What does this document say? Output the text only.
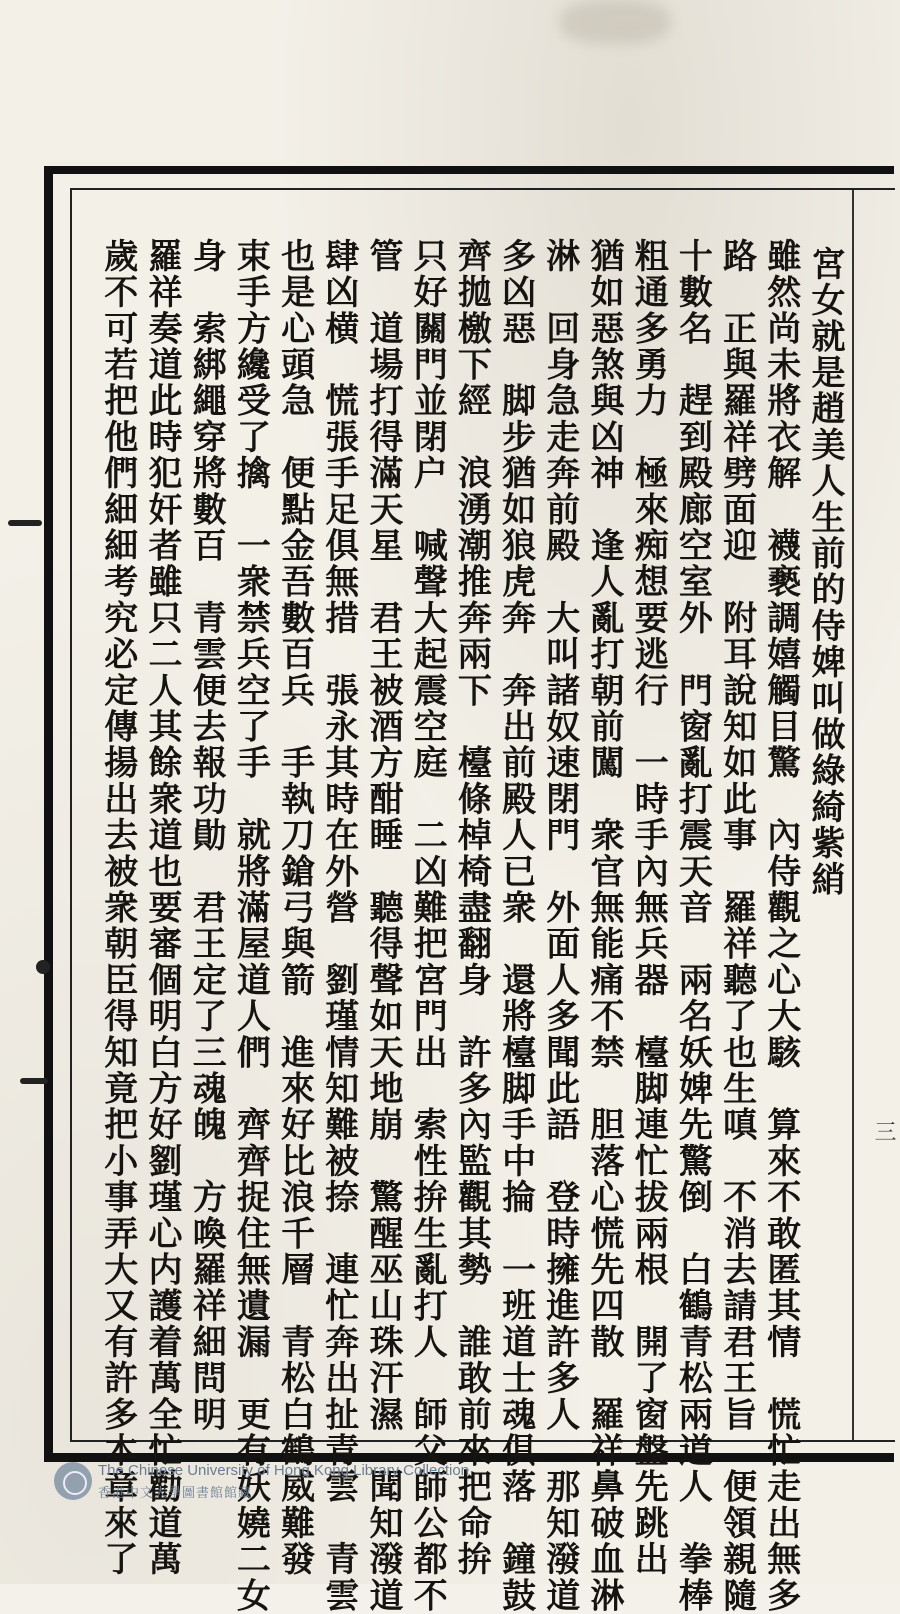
三
宮女就是趙美人生前的侍婢叫做綠綺紫綃
雖然尚未將衣解　襪褻調嬉觸目驚　內侍觀之心大駭　算來不敢匿其情　慌忙走出無多
路　正與羅祥劈面迎　附耳說知如此事　羅祥聽了也生嗔　不消去請君王旨　便領親隨
十數名　趕到殿廊空室外　門窗亂打震天音　兩名妖婢先驚倒　白鶴青松兩道人　拳棒
粗通多勇力　極來痴想要逃行　一時手內無兵器　檯脚連忙拔兩根　開了窗盤先跳出
猶如惡煞與凶神　逢人亂打朝前闖　衆官無能痛不禁　胆落心慌先四散　羅祥鼻破血淋
淋　回身急走奔前殿　大叫諸奴速閉門　外面人多聞此語　登時擁進許多人　那知潑道
多凶惡　脚步猶如狼虎奔　奔出前殿人已衆　還將檯脚手中掄　一班道士魂俱落　鐘鼓
齊拋檄下經　浪湧潮推奔兩下　檯條棹椅盡翻身　許多內監觀其勢　誰敢前來把命拚
只好關門並閉户　喊聲大起震空庭　二凶難把宮門出　索性拚生亂打人　師父師公都不
管　道場打得滿天星　君王被酒方酣睡　聽得聲如天地崩　驚醒巫山珠汗濕　聞知潑道
肆凶横　慌張手足俱無措　張永其時在外營　劉瑾情知難被捺　連忙奔出扯青雲　青雲
也是心頭急　便點金吾數百兵　手執刀鎗弓與箭　進來好比浪千層　青松白鶴威難發
束手方纔受了擒　一衆禁兵空了手　就將滿屋道人們　齊齊捉住無遺漏　更有妖嬈二女
身　索綁繩穿將數百　青雲便去報功勛　君王定了三魂魄　方喚羅祥細問明
羅祥奏道此時犯奸者雖只二人其餘衆道也要審個明白方好劉瑾心内護着萬全忙勸道萬
歲不可若把他們細細考究必定傳揚出去被衆朝臣得知竟把小事弄大又有許多本章來了
The Chinese University of Hong Kong Library Collection
香港中文大學圖書館館藏
